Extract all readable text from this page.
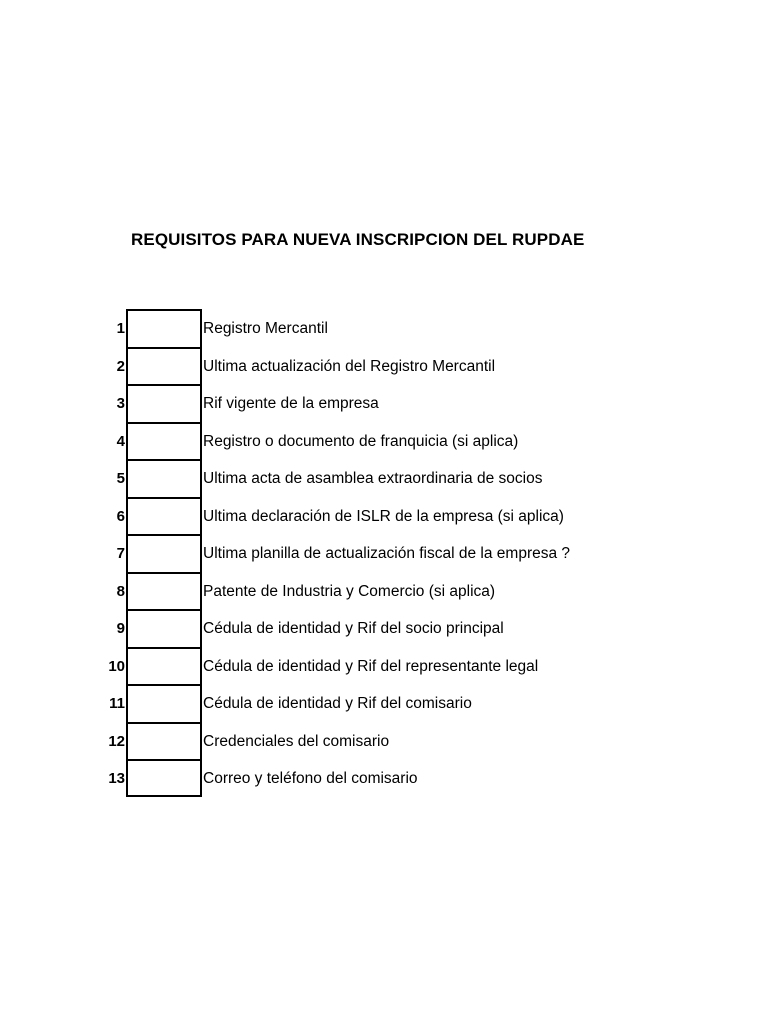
REQUISITOS PARA NUEVA INSCRIPCION DEL RUPDAE
1	Registro Mercantil
2	Ultima actualización del Registro Mercantil
3	Rif vigente de la empresa
4	Registro o documento de franquicia (si aplica)
5	Ultima acta de asamblea extraordinaria de socios
6	Ultima declaración de ISLR de la empresa (si aplica)
7	Ultima planilla de actualización fiscal de la empresa ?
8	Patente de Industria y Comercio (si aplica)
9	Cédula de identidad y Rif del socio principal
10	Cédula de identidad y Rif del representante legal
11	Cédula de identidad y Rif del comisario
12	Credenciales del comisario
13	Correo y teléfono del comisario
